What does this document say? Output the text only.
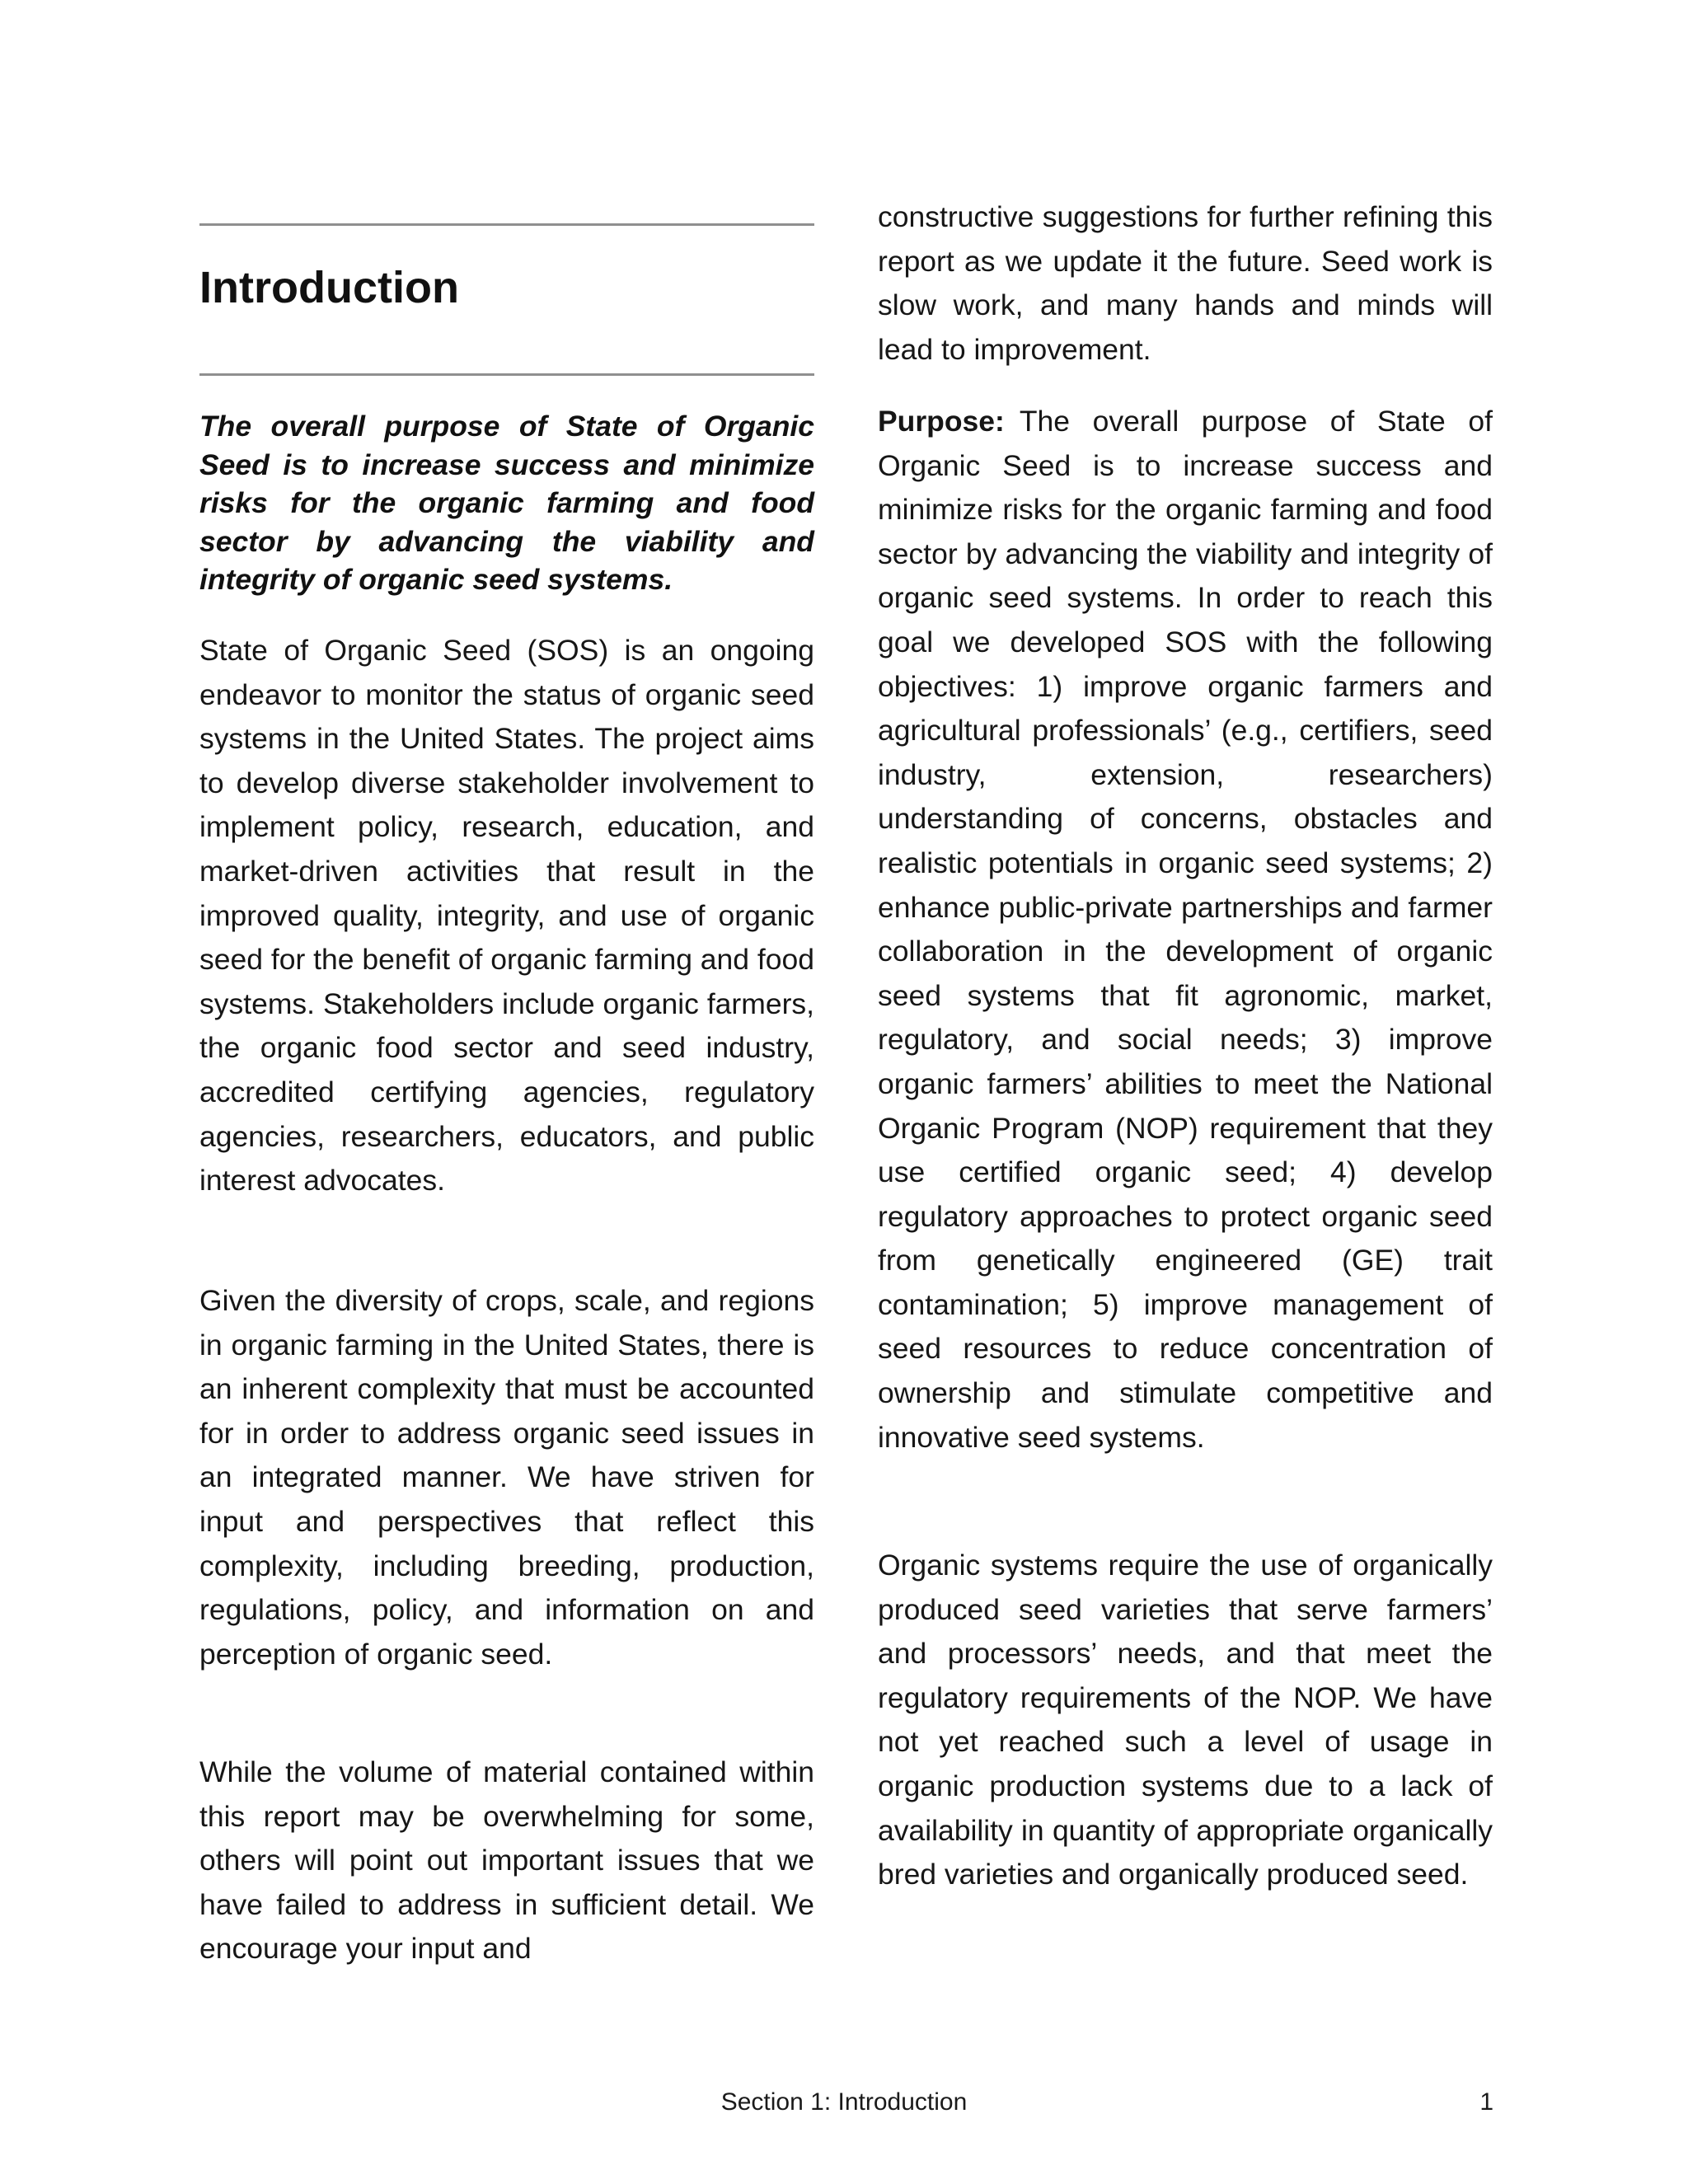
Introduction

The overall purpose of State of Organic Seed is to increase success and minimize risks for the organic farming and food sector by advancing the viability and integrity of organic seed systems.

State of Organic Seed (SOS) is an ongoing endeavor to monitor the status of organic seed systems in the United States. The project aims to develop diverse stakeholder involvement to implement policy, research, education, and market-driven activities that result in the improved quality, integrity, and use of organic seed for the benefit of organic farming and food systems. Stakeholders include organic farmers, the organic food sector and seed industry, accredited certifying agencies, regulatory agencies, researchers, educators, and public interest advocates.

Given the diversity of crops, scale, and regions in organic farming in the United States, there is an inherent complexity that must be accounted for in order to address organic seed issues in an integrated manner. We have striven for input and perspectives that reflect this complexity, including breeding, production, regulations, policy, and information on and perception of organic seed.

While the volume of material contained within this report may be overwhelming for some, others will point out important issues that we have failed to address in sufficient detail. We encourage your input and

constructive suggestions for further refining this report as we update it the future. Seed work is slow work, and many hands and minds will lead to improvement.

Purpose: The overall purpose of State of Organic Seed is to increase success and minimize risks for the organic farming and food sector by advancing the viability and integrity of organic seed systems. In order to reach this goal we developed SOS with the following objectives: 1) improve organic farmers and agricultural professionals’ (e.g., certifiers, seed industry, extension, researchers) understanding of concerns, obstacles and realistic potentials in organic seed systems; 2) enhance public-private partnerships and farmer collaboration in the development of organic seed systems that fit agronomic, market, regulatory, and social needs; 3) improve organic farmers’ abilities to meet the National Organic Program (NOP) requirement that they use certified organic seed; 4) develop regulatory approaches to protect organic seed from genetically engineered (GE) trait contamination; 5) improve management of seed resources to reduce concentration of ownership and stimulate competitive and innovative seed systems.

Organic systems require the use of organically produced seed varieties that serve farmers’ and processors’ needs, and that meet the regulatory requirements of the NOP. We have not yet reached such a level of usage in organic production systems due to a lack of availability in quantity of appropriate organically bred varieties and organically produced seed.

Section 1: Introduction	1
